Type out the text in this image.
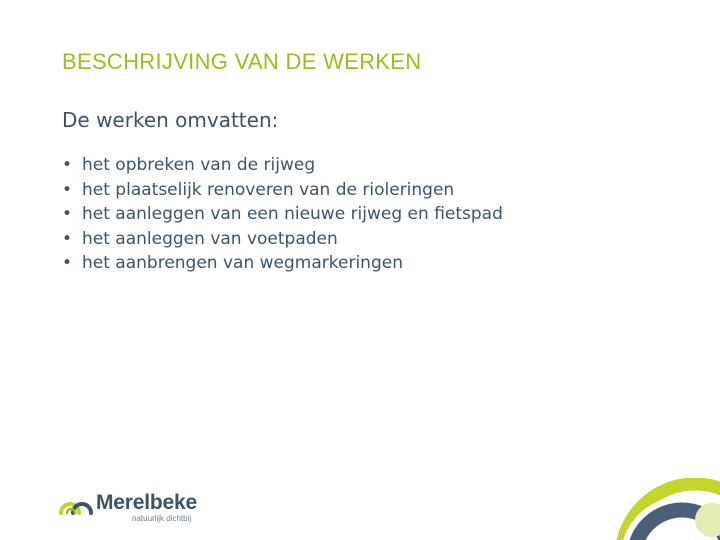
BESCHRIJVING VAN DE WERKEN
De werken omvatten:
• het opbreken van de rijweg
• het plaatselijk renoveren van de rioleringen
• het aanleggen van een nieuwe rijweg en fietspad
• het aanleggen van voetpaden
• het aanbrengen van wegmarkeringen
Merelbeke
natuurlijk dichtbij
